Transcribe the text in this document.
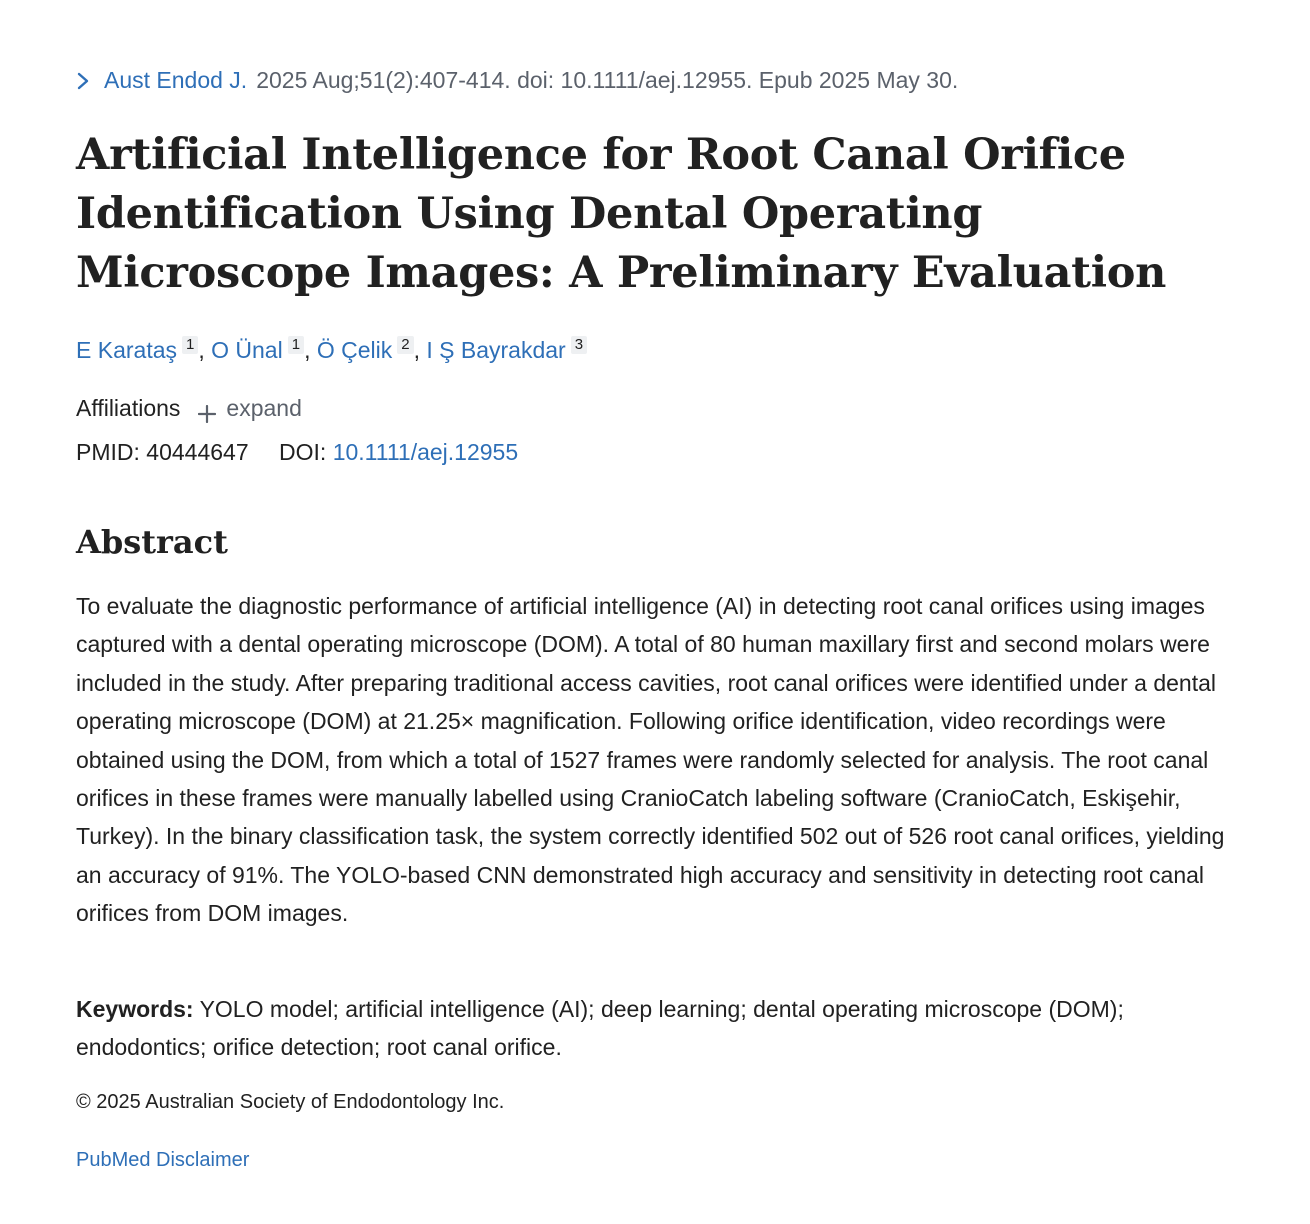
Aust Endod J. 2025 Aug;51(2):407-414. doi: 10.1111/aej.12955. Epub 2025 May 30.
Artificial Intelligence for Root Canal Orifice Identification Using Dental Operating Microscope Images: A Preliminary Evaluation
E Karataş $^1$ , O Ünal $^1$ , Ö Çelik $^2$ , I Ş Bayrakdar $^3$
Affiliations expand
PMID: 40444647 DOI: 10.1111/aej.12955
Abstract

To evaluate the diagnostic performance of artificial intelligence (AI) in detecting root canal orifices using images captured with a dental operating microscope (DOM). A total of 80 human maxillary first and second molars were included in the study. After preparing traditional access cavities, root canal orifices were identified under a dental operating microscope (DOM) at 21.25× magnification. Following orifice identification, video recordings were obtained using the DOM, from which a total of 1527 frames were randomly selected for analysis. The root canal orifices in these frames were manually labelled using CranioCatch labeling software (CranioCatch, Eskişehir, Turkey). In the binary classification task, the system correctly identified 502 out of 526 root canal orifices, yielding an accuracy of 91%. The YOLO-based CNN demonstrated high accuracy and sensitivity in detecting root canal orifices from DOM images.

Keywords: YOLO model; artificial intelligence (AI); deep learning; dental operating microscope (DOM); endodontics; orifice detection; root canal orifice.

© 2025 Australian Society of Endodontology Inc.

PubMed Disclaimer
